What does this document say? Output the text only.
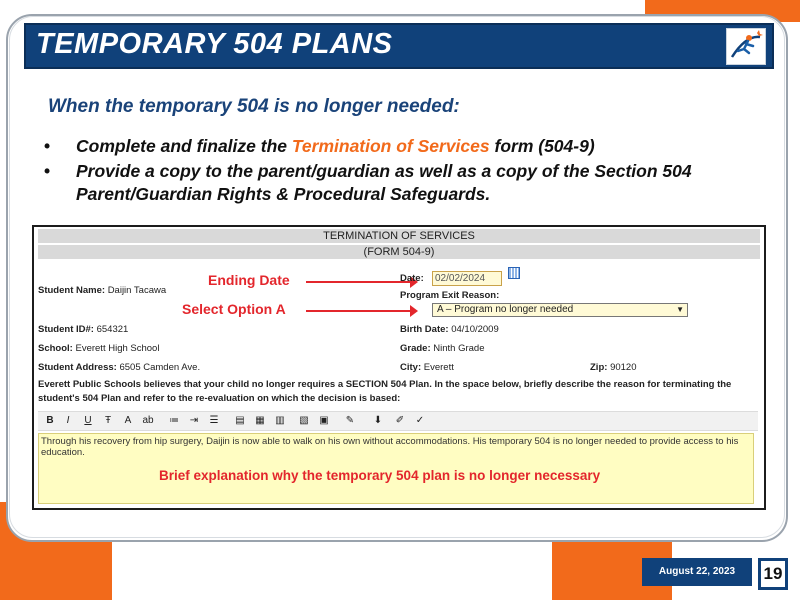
TEMPORARY 504 PLANS
When the temporary 504 is no longer needed:
• Complete and finalize the Termination of Services form (504-9)
• Provide a copy to the parent/guardian as well as a copy of the Section 504 Parent/Guardian Rights & Procedural Safeguards.
TERMINATION OF SERVICES
(FORM 504-9)
Student Name: Daijin Tacawa
Ending Date	Date:	02/02/2024
Program Exit Reason:
Select Option A	A – Program no longer needed	▼
Student ID#: 654321	Birth Date: 04/10/2009
School: Everett High School	Grade: Ninth Grade
Student Address: 6505 Camden Ave.	City: Everett	Zip: 90120
Everett Public Schools believes that your child no longer requires a SECTION 504 Plan. In the space below, briefly describe the reason for terminating the student's 504 Plan and refer to the re-evaluation on which the decision is based:
B	I	U Ŧ A ab ≔ ⇥ ☰ ▤ ▦ ▥ ▧ ▣ ✎ ⬇ ✐ ✓
Through his recovery from hip surgery, Daijin is now able to walk on his own without accommodations. His temporary 504 is no longer needed to provide access to his education.
Brief explanation why the temporary 504 plan is no longer necessary
August 22, 2023	19
